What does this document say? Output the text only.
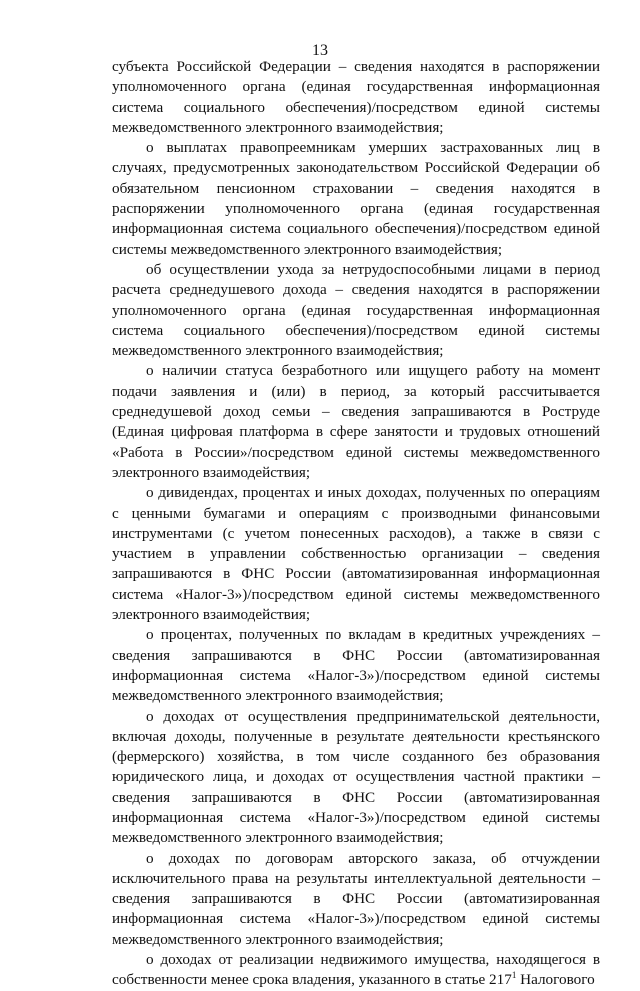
13

субъекта Российской Федерации – сведения находятся в распоряжении уполномоченного органа (единая государственная информационная система социального обеспечения)/посредством единой системы межведомственного электронного взаимодействия;

о выплатах правопреемникам умерших застрахованных лиц в случаях, предусмотренных законодательством Российской Федерации об обязательном пенсионном страховании – сведения находятся в распоряжении уполномоченного органа (единая государственная информационная система социального обеспечения)/посредством единой системы межведомственного электронного взаимодействия;

об осуществлении ухода за нетрудоспособными лицами в период расчета среднедушевого дохода – сведения находятся в распоряжении уполномоченного органа (единая государственная информационная система социального обеспечения)/посредством единой системы межведомственного электронного взаимодействия;

о наличии статуса безработного или ищущего работу на момент подачи заявления и (или) в период, за который рассчитывается среднедушевой доход семьи – сведения запрашиваются в Роструде (Единая цифровая платформа в сфере занятости и трудовых отношений «Работа в России»/посредством единой системы межведомственного электронного взаимодействия;

о дивидендах, процентах и иных доходах, полученных по операциям с ценными бумагами и операциям с производными финансовыми инструментами (с учетом понесенных расходов), а также в связи с участием в управлении собственностью организации – сведения запрашиваются в ФНС России (автоматизированная информационная система «Налог-3»)/посредством единой системы межведомственного электронного взаимодействия;

о процентах, полученных по вкладам в кредитных учреждениях – сведения запрашиваются в ФНС России (автоматизированная информационная система «Налог-3»)/посредством единой системы межведомственного электронного взаимодействия;

о доходах от осуществления предпринимательской деятельности, включая доходы, полученные в результате деятельности крестьянского (фермерского) хозяйства, в том числе созданного без образования юридического лица, и доходах от осуществления частной практики – сведения запрашиваются в ФНС России (автоматизированная информационная система «Налог-3»)/посредством единой системы межведомственного электронного взаимодействия;

о доходах по договорам авторского заказа, об отчуждении исключительного права на результаты интеллектуальной деятельности – сведения запрашиваются в ФНС России (автоматизированная информационная система «Налог-3»)/посредством единой системы межведомственного электронного взаимодействия;

о доходах от реализации недвижимого имущества, находящегося в собственности менее срока владения, указанного в статье $217^1$ Налогового
